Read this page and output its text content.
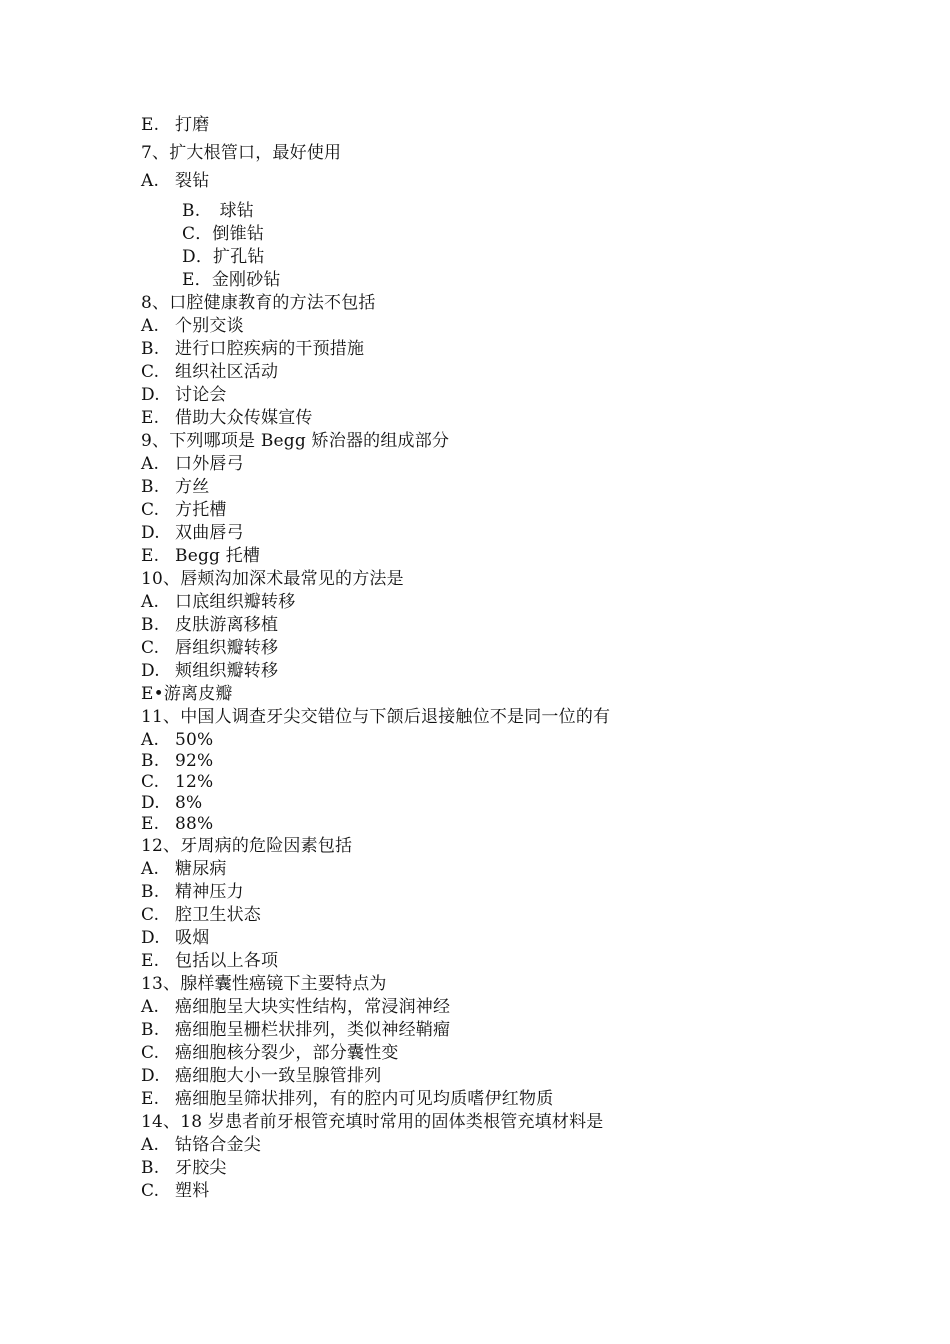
E. 打磨
7、扩大根管口，最好使用
A. 裂钻
B. 球钻
C．倒锥钻
D．扩孔钻
E．金刚砂钻
8、口腔健康教育的方法不包括
A. 个别交谈
B. 进行口腔疾病的干预措施
C. 组织社区活动
D. 讨论会
E. 借助大众传媒宣传
9、下列哪项是 Begg 矫治器的组成部分
A. 口外唇弓
B. 方丝
C. 方托槽
D. 双曲唇弓
E. Begg 托槽
10、唇颊沟加深术最常见的方法是
A. 口底组织瓣转移
B. 皮肤游离移植
C. 唇组织瓣转移
D. 颊组织瓣转移
E•游离皮瓣
11、中国人调查牙尖交错位与下颌后退接触位不是同一位的有
A. 50%
B. 92%
C. 12%
D. 8%
E. 88%
12、牙周病的危险因素包括
A. 糖尿病
B. 精神压力
C. 腔卫生状态
D. 吸烟
E. 包括以上各项
13、腺样囊性癌镜下主要特点为
A. 癌细胞呈大块实性结构，常浸润神经
B. 癌细胞呈栅栏状排列，类似神经鞘瘤
C. 癌细胞核分裂少，部分囊性变
D. 癌细胞大小一致呈腺管排列
E. 癌细胞呈筛状排列，有的腔内可见均质嗜伊红物质
14、18 岁患者前牙根管充填时常用的固体类根管充填材料是
A. 钴铬合金尖
B. 牙胶尖
C. 塑料
